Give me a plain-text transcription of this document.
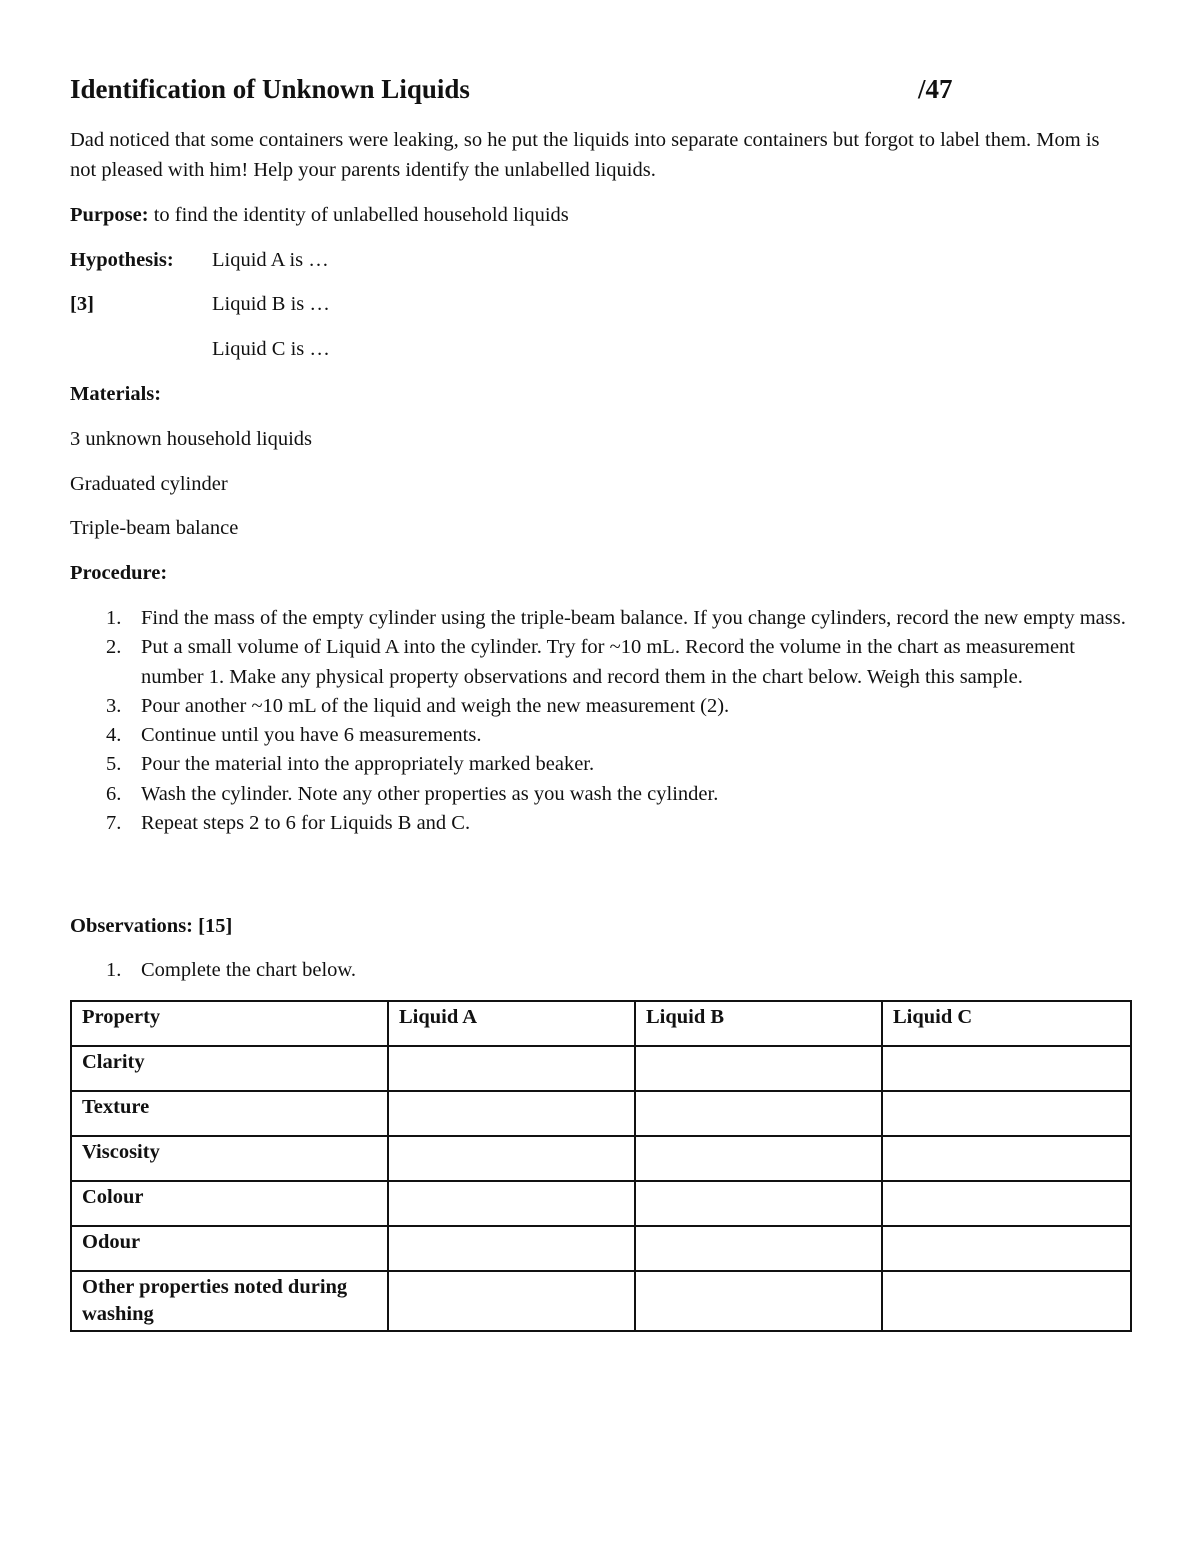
Identification of Unknown Liquids	/47
Dad noticed that some containers were leaking, so he put the liquids into separate containers but forgot to label them. Mom is not pleased with him! Help your parents identify the unlabelled liquids.
Purpose: to find the identity of unlabelled household liquids
Hypothesis: Liquid A is …
[3]	Liquid B is …
Liquid C is …
Materials:
3 unknown household liquids
Graduated cylinder
Triple-beam balance
Procedure:
1. Find the mass of the empty cylinder using the triple-beam balance. If you change cylinders, record the new empty mass.
2. Put a small volume of Liquid A into the cylinder. Try for ~10 mL. Record the volume in the chart as measurement number 1. Make any physical property observations and record them in the chart below. Weigh this sample.
3. Pour another ~10 mL of the liquid and weigh the new measurement (2).
4. Continue until you have 6 measurements.
5. Pour the material into the appropriately marked beaker.
6. Wash the cylinder. Note any other properties as you wash the cylinder.
7. Repeat steps 2 to 6 for Liquids B and C.
Observations: [15]
1. Complete the chart below.
Property	Liquid A	Liquid B	Liquid C
Clarity			
Texture			
Viscosity			
Colour			
Odour			
Other properties noted during washing			
